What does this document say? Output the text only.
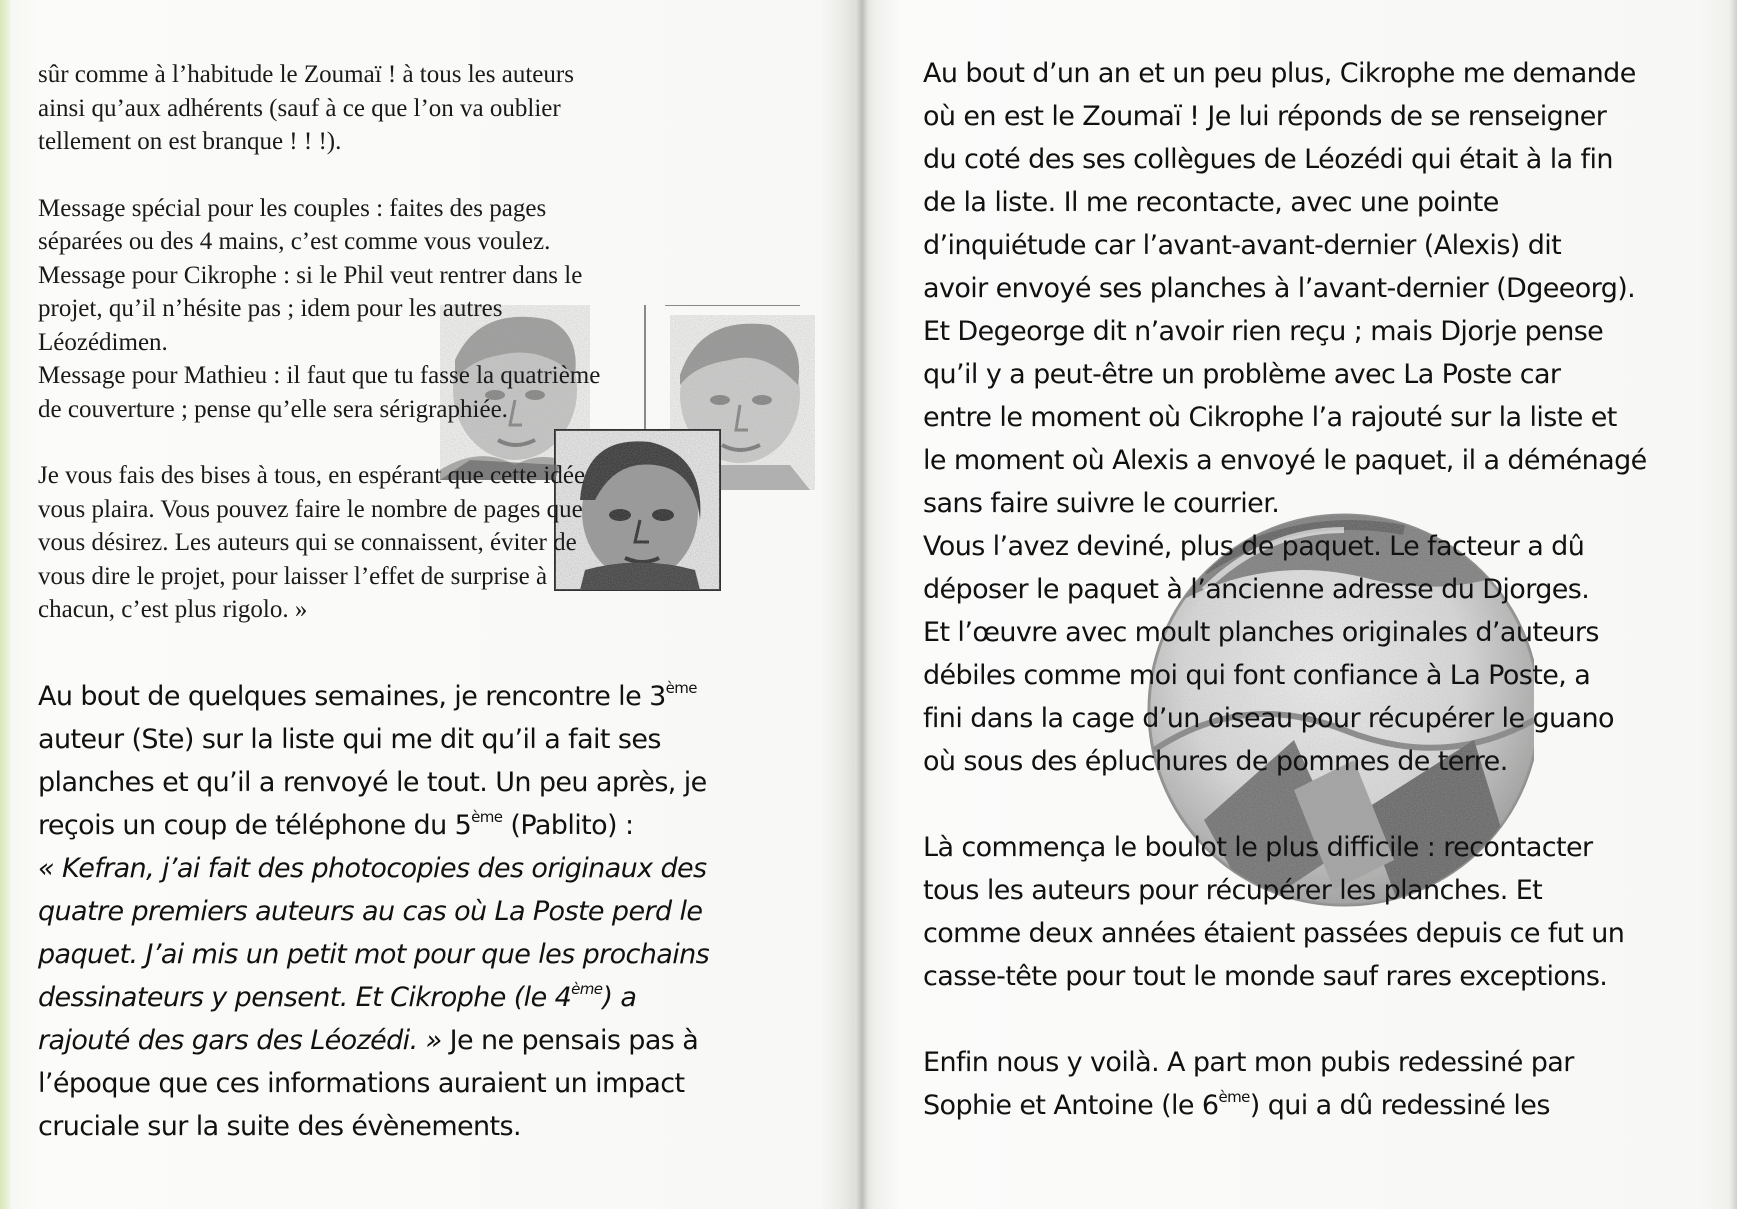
sûr comme à l’habitude le Zoumaï ! à tous les auteurs

ainsi qu’aux adhérents (sauf à ce que l’on va oublier

tellement on est branque ! ! !).

Message spécial pour les couples : faites des pages

séparées ou des 4 mains, c’est comme vous voulez.

Message pour Cikrophe : si le Phil veut rentrer dans le

projet, qu’il n’hésite pas ; idem pour les autres

Léozédimen.

Message pour Mathieu : il faut que tu fasse la quatrième

de couverture ; pense qu’elle sera sérigraphiée.

Je vous fais des bises à tous, en espérant que cette idée

vous plaira. Vous pouvez faire le nombre de pages que

vous désirez. Les auteurs qui se connaissent, éviter de

vous dire le projet, pour laisser l’effet de surprise à

chacun, c’est plus rigolo. »

Au bout de quelques semaines, je rencontre le 3ème

auteur (Ste) sur la liste qui me dit qu’il a fait ses

planches et qu’il a renvoyé le tout. Un peu après, je

reçois un coup de téléphone du 5ème (Pablito) :

« Kefran, j’ai fait des photocopies des originaux des

quatre premiers auteurs au cas où La Poste perd le

paquet. J’ai mis un petit mot pour que les prochains

dessinateurs y pensent. Et Cikrophe (le 4ème) a

rajouté des gars des Léozédi. » Je ne pensais pas à

l’époque que ces informations auraient un impact

cruciale sur la suite des évènements.

Au bout d’un an et un peu plus, Cikrophe me demande

où en est le Zoumaï ! Je lui réponds de se renseigner

du coté des ses collègues de Léozédi qui était à la fin

de la liste. Il me recontacte, avec une pointe

d’inquiétude car l’avant-avant-dernier (Alexis) dit

avoir envoyé ses planches à l’avant-dernier (Dgeeorg).

Et Degeorge dit n’avoir rien reçu ; mais Djorje pense

qu’il y a peut-être un problème avec La Poste car

entre le moment où Cikrophe l’a rajouté sur la liste et

le moment où Alexis a envoyé le paquet, il a déménagé

sans faire suivre le courrier.

Vous l’avez deviné, plus de paquet. Le facteur a dû

déposer le paquet à l’ancienne adresse du Djorges.

Et l’œuvre avec moult planches originales d’auteurs

débiles comme moi qui font confiance à La Poste, a

fini dans la cage d’un oiseau pour récupérer le guano

où sous des épluchures de pommes de terre.

Là commença le boulot le plus difficile : recontacter

tous les auteurs pour récupérer les planches. Et

comme deux années étaient passées depuis ce fut un

casse-tête pour tout le monde sauf rares exceptions.

Enfin nous y voilà. A part mon pubis redessiné par

Sophie et Antoine (le 6ème) qui a dû redessiné les
